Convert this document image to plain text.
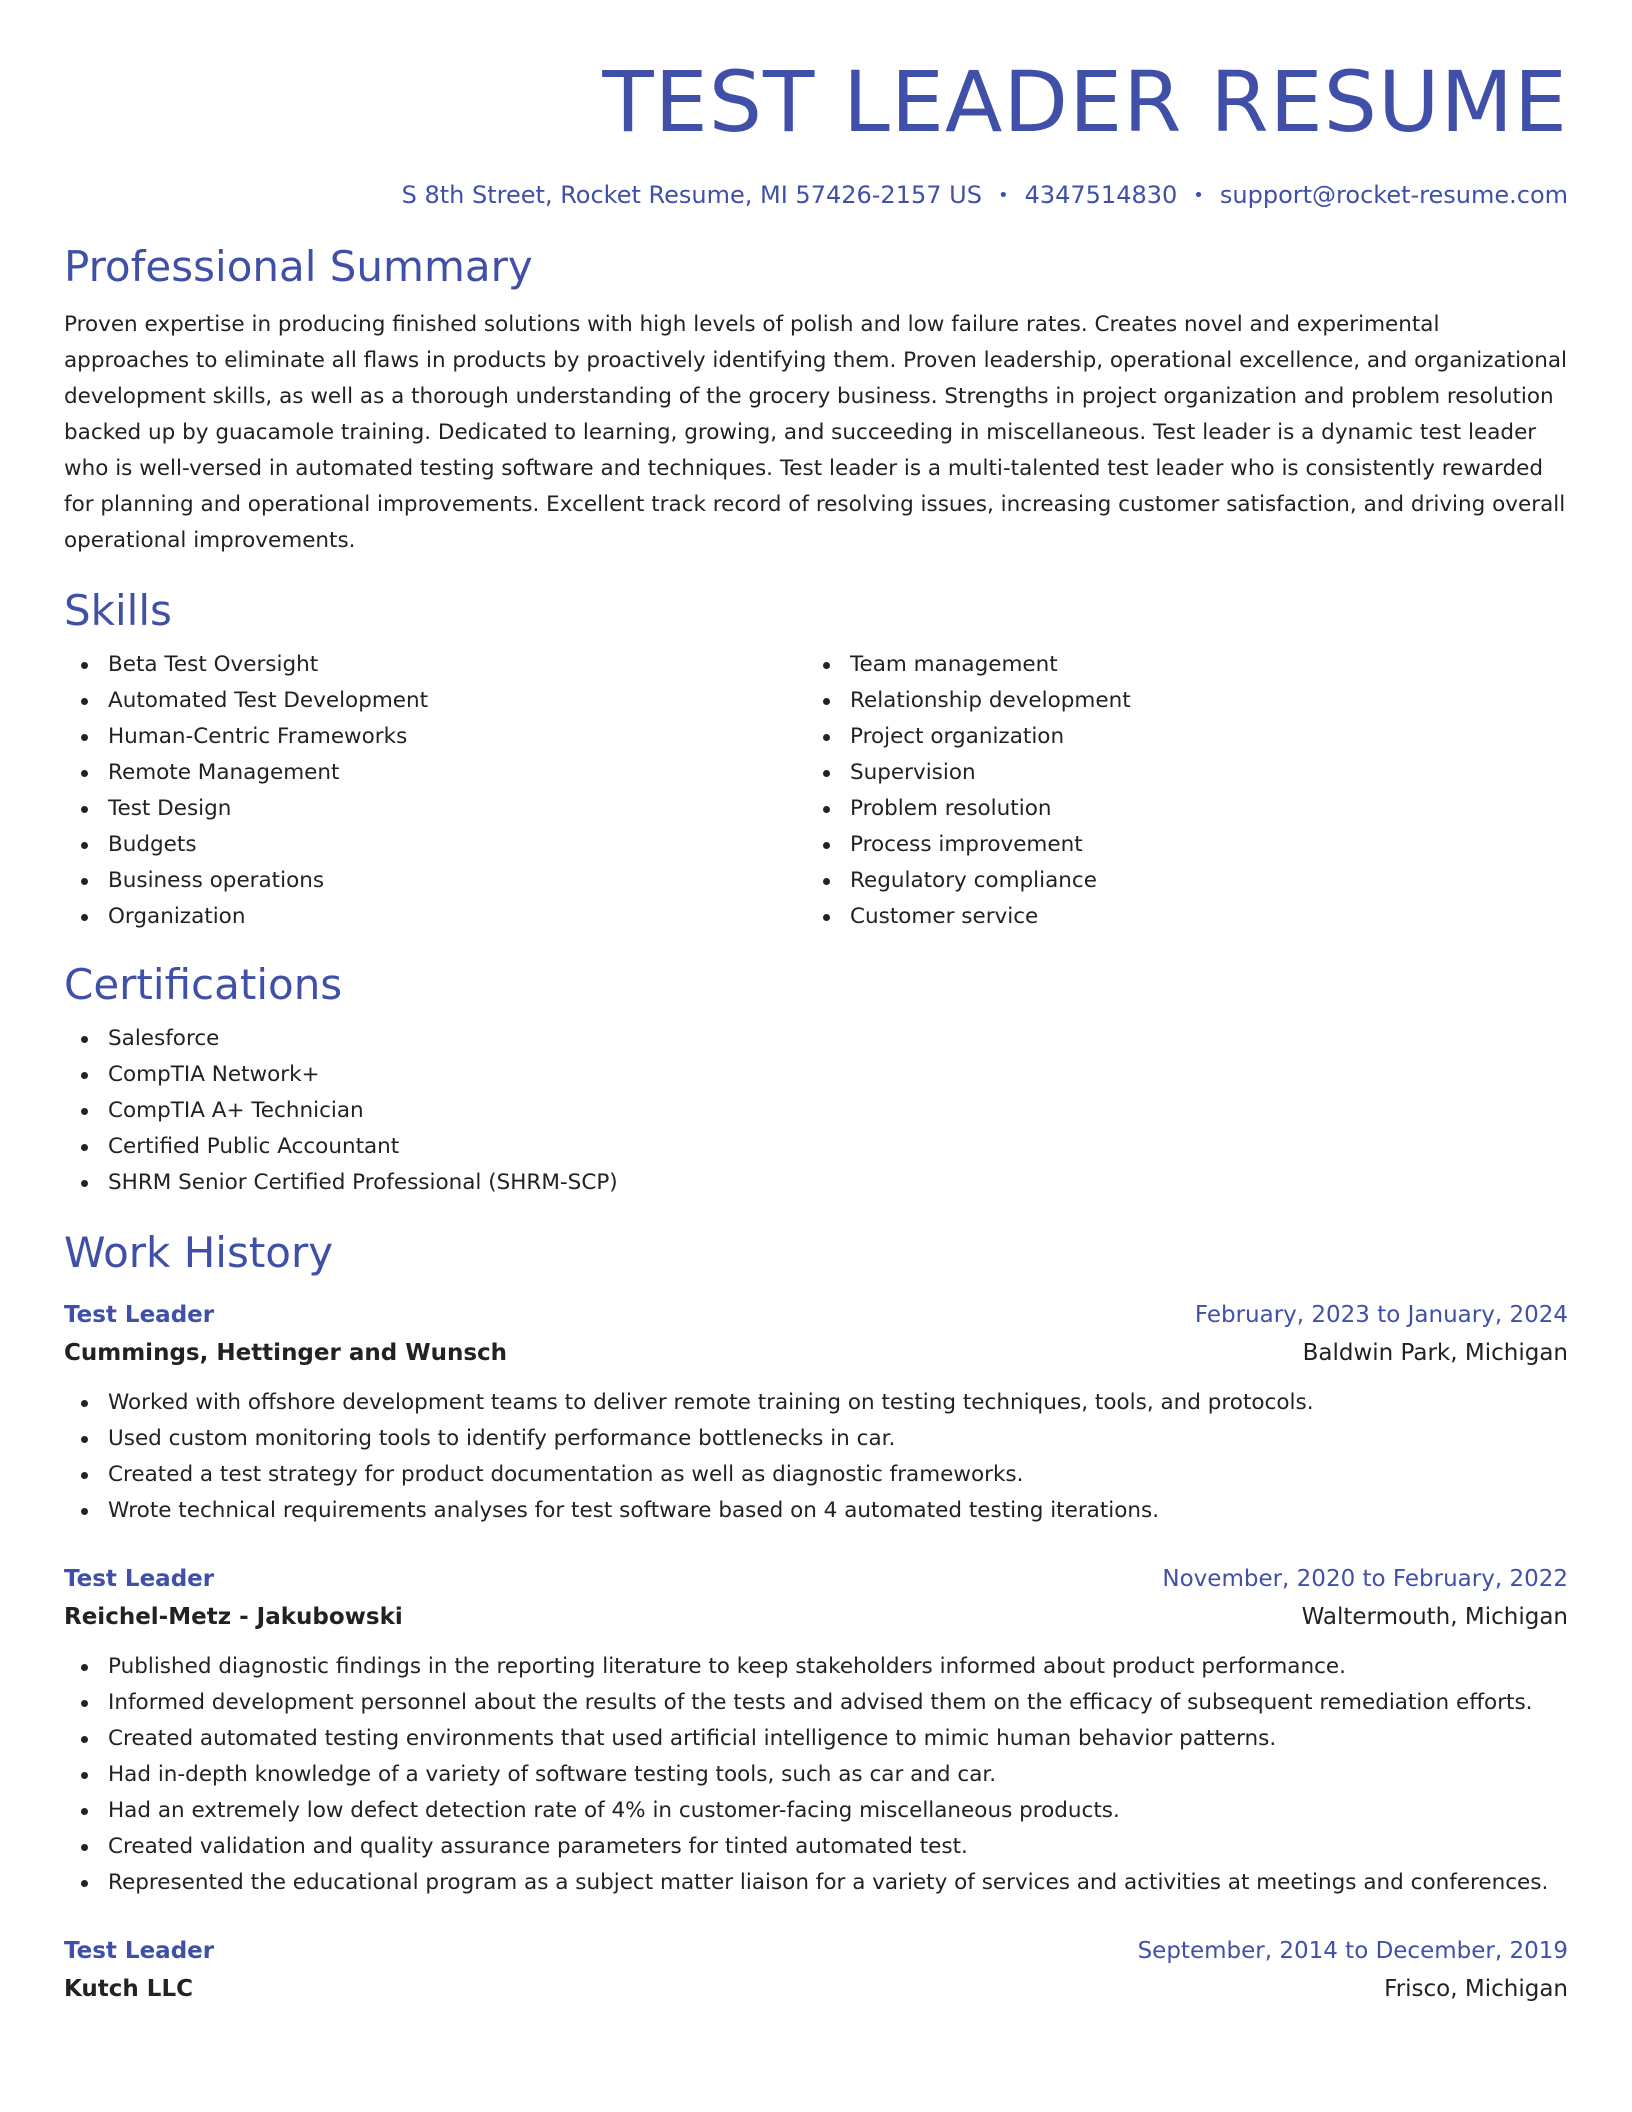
TEST LEADER RESUME
S 8th Street, Rocket Resume, MI 57426-2157 US • 4347514830 • support@rocket-resume.com
Professional Summary

Proven expertise in producing finished solutions with high levels of polish and low failure rates. Creates novel and experimental approaches to eliminate all flaws in products by proactively identifying them. Proven leadership, operational excellence, and organizational development skills, as well as a thorough understanding of the grocery business. Strengths in project organization and problem resolution backed up by guacamole training. Dedicated to learning, growing, and succeeding in miscellaneous. Test leader is a dynamic test leader who is well-versed in automated testing software and techniques. Test leader is a multi-talented test leader who is consistently rewarded for planning and operational improvements. Excellent track record of resolving issues, increasing customer satisfaction, and driving overall operational improvements.

Skills
Beta Test Oversight
Automated Test Development
Human-Centric Frameworks
Remote Management
Test Design
Budgets
Business operations
Organization
Team management
Relationship development
Project organization
Supervision
Problem resolution
Process improvement
Regulatory compliance
Customer service
Certifications
Salesforce
CompTIA Network+
CompTIA A+ Technician
Certified Public Accountant
SHRM Senior Certified Professional (SHRM-SCP)
Work History
Test Leader	February, 2023 to January, 2024
Cummings, Hettinger and Wunsch	Baldwin Park, Michigan
Worked with offshore development teams to deliver remote training on testing techniques, tools, and protocols.
Used custom monitoring tools to identify performance bottlenecks in car.
Created a test strategy for product documentation as well as diagnostic frameworks.
Wrote technical requirements analyses for test software based on 4 automated testing iterations.
Test Leader	November, 2020 to February, 2022
Reichel-Metz - Jakubowski	Waltermouth, Michigan
Published diagnostic findings in the reporting literature to keep stakeholders informed about product performance.
Informed development personnel about the results of the tests and advised them on the efficacy of subsequent remediation efforts.
Created automated testing environments that used artificial intelligence to mimic human behavior patterns.
Had in-depth knowledge of a variety of software testing tools, such as car and car.
Had an extremely low defect detection rate of 4% in customer-facing miscellaneous products.
Created validation and quality assurance parameters for tinted automated test.
Represented the educational program as a subject matter liaison for a variety of services and activities at meetings and conferences.
Test Leader	September, 2014 to December, 2019
Kutch LLC	Frisco, Michigan
